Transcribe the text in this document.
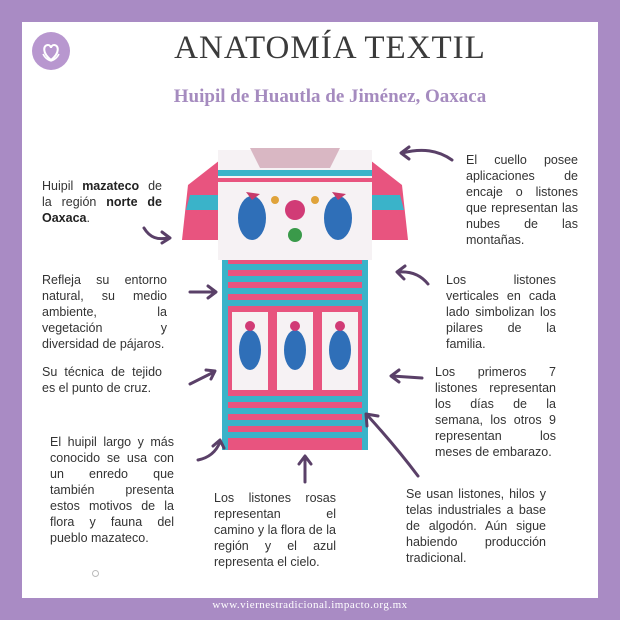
ANATOMÍA TEXTIL
Huipil de Huautla de Jiménez, Oaxaca
Huipil mazateco de la región norte de Oaxaca.
Refleja su entorno natural, su medio ambiente, la vegetación y diversidad de pájaros.
Su técnica de tejido es el punto de cruz.
El huipil largo y más conocido se usa con un enredo que también presenta estos motivos de la flora y fauna del pueblo mazateco.
Los listones rosas representan el camino y la flora de la región y el azul representa el cielo.
El cuello posee aplicaciones de encaje o listones que representan las nubes de las montañas.
Los listones verticales en cada lado simbolizan los pilares de la familia.
Los primeros 7 listones representan los días de la semana, los otros 9 representan los meses de embarazo.
Se usan listones, hilos y telas industriales a base de algodón. Aún sigue habiendo producción tradicional.
www.viernestradicional.impacto.org.mx
